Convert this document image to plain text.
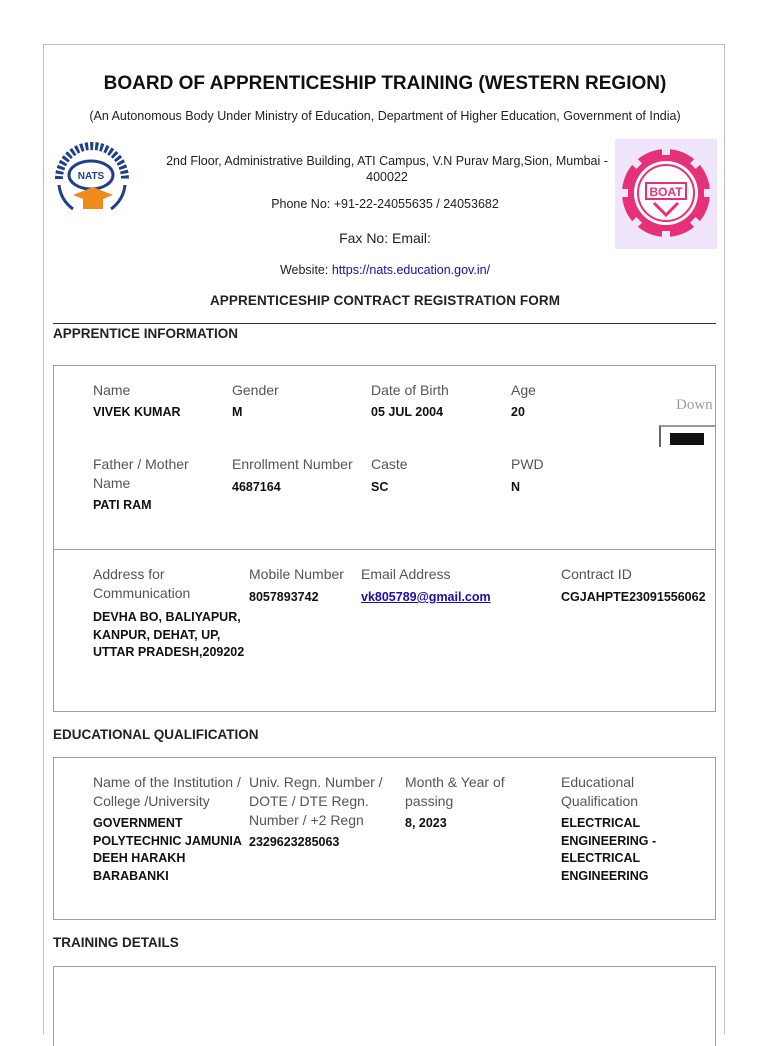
BOARD OF APPRENTICESHIP TRAINING (WESTERN REGION)
(An Autonomous Body Under Ministry of Education, Department of Higher Education, Government of India)
NATS
2nd Floor, Administrative Building, ATI Campus, V.N Purav Marg,Sion, Mumbai - 400022
Phone No: +91-22-24055635 / 24053682
Fax No: Email:
Website: https://nats.education.gov.in/
BOAT
APPRENTICESHIP CONTRACT REGISTRATION FORM
APPRENTICE INFORMATION
Name
VIVEK KUMAR
Gender
M
Date of Birth
05 JUL 2004
Age
20
Father / Mother Name
PATI RAM
Enrollment Number
4687164
Caste
SC
PWD
N
Address for Communication
DEVHA BO, BALIYAPUR, KANPUR, DEHAT, UP, UTTAR PRADESH,209202
Mobile Number
8057893742
Email Address
vk805789@gmail.com
Contract ID
CGJAHPTE23091556062
Down
EDUCATIONAL QUALIFICATION
Name of the Institution / College /University
GOVERNMENT POLYTECHNIC JAMUNIA DEEH HARAKH BARABANKI
Univ. Regn. Number / DOTE / DTE Regn. Number / +2 Regn
2329623285063
Month & Year of passing
8, 2023
Educational Qualification
ELECTRICAL ENGINEERING - ELECTRICAL ENGINEERING
TRAINING DETAILS
